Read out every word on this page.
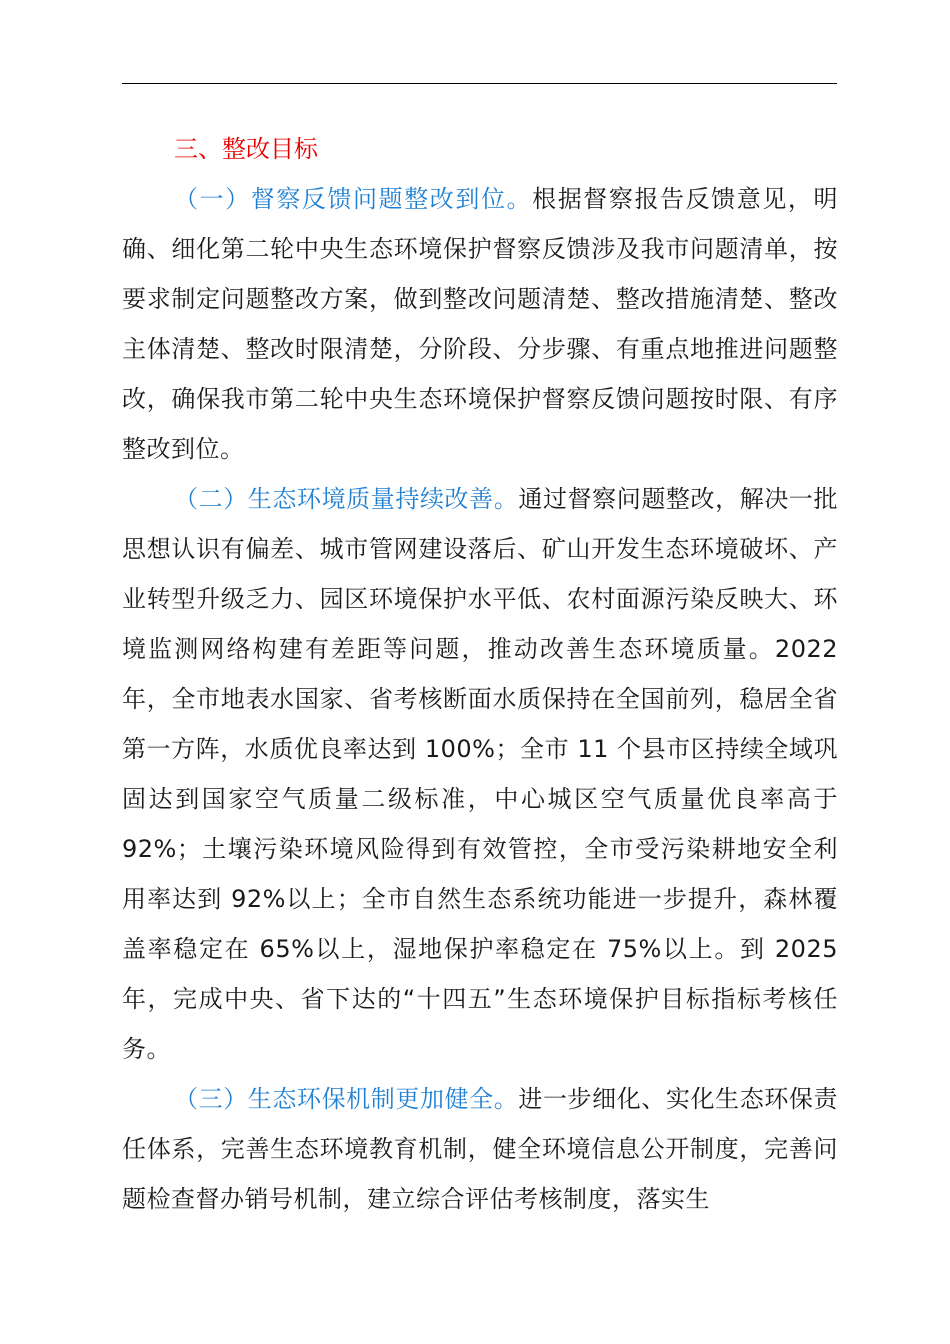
三、整改目标

（一）督察反馈问题整改到位。根据督察报告反馈意见，明确、细化第二轮中央生态环境保护督察反馈涉及我市问题清单，按要求制定问题整改方案，做到整改问题清楚、整改措施清楚、整改主体清楚、整改时限清楚，分阶段、分步骤、有重点地推进问题整改，确保我市第二轮中央生态环境保护督察反馈问题按时限、有序整改到位。

（二）生态环境质量持续改善。通过督察问题整改，解决一批思想认识有偏差、城市管网建设落后、矿山开发生态环境破坏、产业转型升级乏力、园区环境保护水平低、农村面源污染反映大、环境监测网络构建有差距等问题，推动改善生态环境质量。2022 年，全市地表水国家、省考核断面水质保持在全国前列，稳居全省第一方阵，水质优良率达到 100%；全市 11 个县市区持续全域巩固达到国家空气质量二级标准，中心城区空气质量优良率高于 92%；土壤污染环境风险得到有效管控，全市受污染耕地安全利用率达到 92%以上；全市自然生态系统功能进一步提升，森林覆盖率稳定在 65%以上，湿地保护率稳定在 75%以上。到 2025 年，完成中央、省下达的“十四五”生态环境保护目标指标考核任务。

（三）生态环保机制更加健全。进一步细化、实化生态环保责任体系，完善生态环境教育机制，健全环境信息公开制度，完善问题检查督办销号机制，建立综合评估考核制度，落实生
